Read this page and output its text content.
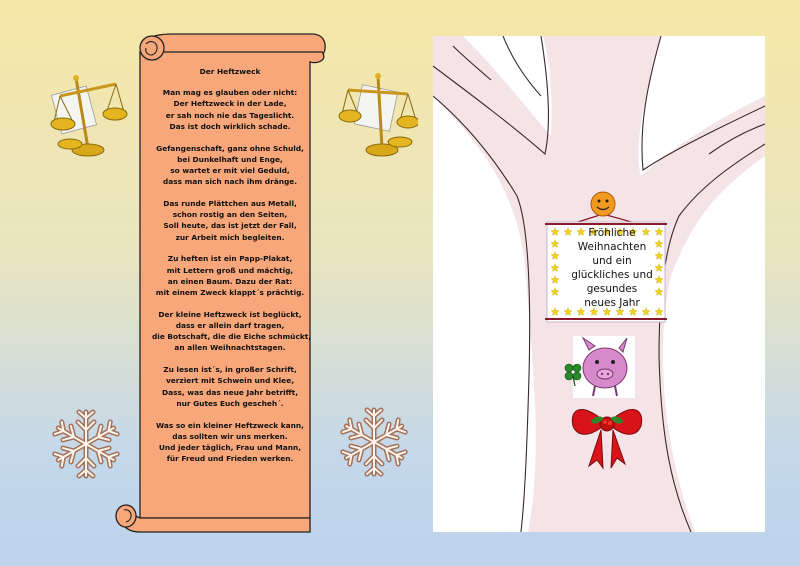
Der Heftzweck
Man mag es glauben oder nicht:
Der Heftzweck in der Lade,
er sah noch nie das Tageslicht.
Das ist doch wirklich schade.
Gefangenschaft, ganz ohne Schuld,
bei Dunkelhaft und Enge,
so wartet er mit viel Geduld,
dass man sich nach ihm dränge.
Das runde Plättchen aus Metall,
schon rostig an den Seiten,
Soll heute, das ist jetzt der Fall,
zur Arbeit mich begleiten.
Zu heften ist ein Papp-Plakat,
mit Lettern groß und mächtig,
an einen Baum. Dazu der Rat:
mit einem Zweck klappt´s prächtig.
Der kleine Heftzweck ist beglückt,
dass er allein darf tragen,
die Botschaft, die die Eiche schmückt,
an allen Weihnachtstagen.
Zu lesen ist´s, in großer Schrift,
verziert mit Schwein und Klee,
Dass, was das neue Jahr betrifft,
nur Gutes Euch gescheh´.
Was so ein kleiner Heftzweck kann,
das sollten wir uns merken.
Und jeder täglich, Frau und Mann,
für Freud und Frieden werken.
Fröhliche
Weihnachten
und ein
glückliches und
gesundes
neues Jahr
